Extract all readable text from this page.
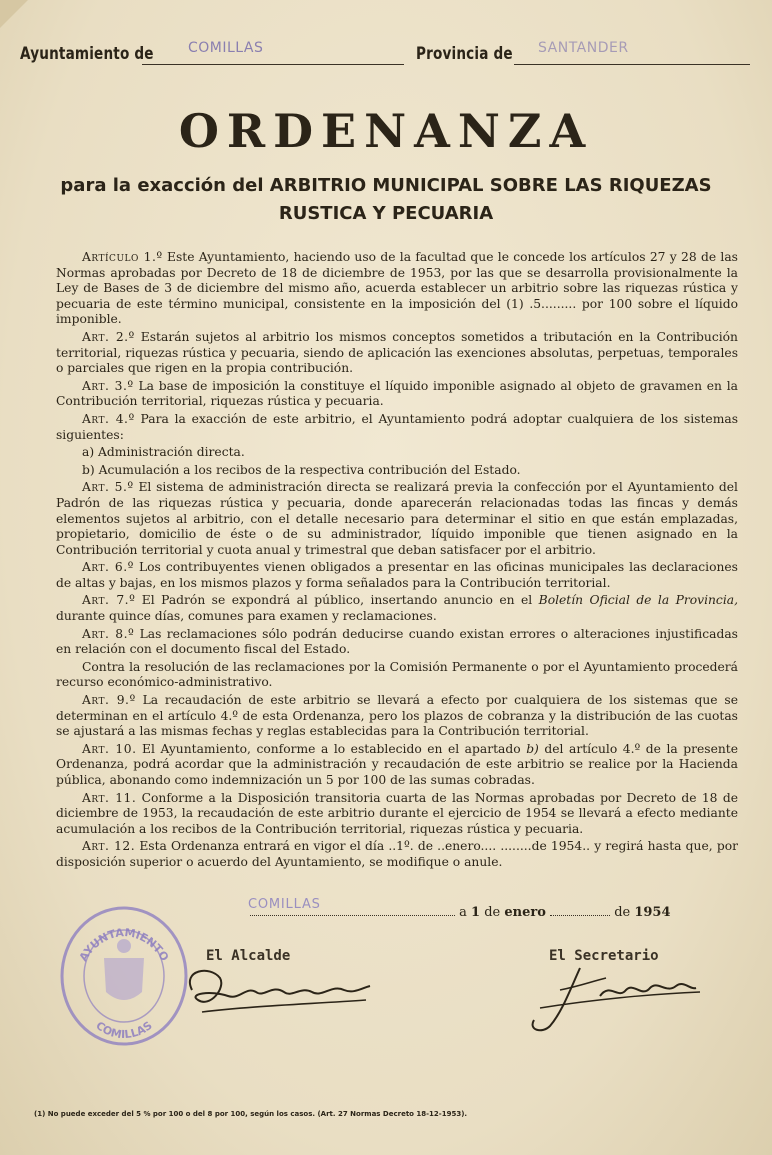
Ayuntamiento de COMILLAS	Provincia de SANTANDER
ORDENANZA
para la exacción del ARBITRIO MUNICIPAL SOBRE LAS RIQUEZAS
RUSTICA Y PECUARIA

Artículo 1.º Este Ayuntamiento, haciendo uso de la facultad que le concede los artículos 27 y 28 de las Normas aprobadas por Decreto de 18 de diciembre de 1953, por las que se desarrolla provisionalmente la Ley de Bases de 3 de diciembre del mismo año, acuerda establecer un arbitrio sobre las riquezas rústica y pecuaria de este término municipal, consistente en la imposición del (1) .5......... por 100 sobre el líquido imponible.

Art. 2.º Estarán sujetos al arbitrio los mismos conceptos sometidos a tributación en la Contribución territorial, riquezas rústica y pecuaria, siendo de aplicación las exenciones absolutas, perpetuas, temporales o parciales que rigen en la propia contribución.

Art. 3.º La base de imposición la constituye el líquido imponible asignado al objeto de gravamen en la Contribución territorial, riquezas rústica y pecuaria.

Art. 4.º Para la exacción de este arbitrio, el Ayuntamiento podrá adoptar cualquiera de los sistemas siguientes:

a) Administración directa.

b) Acumulación a los recibos de la respectiva contribución del Estado.

Art. 5.º El sistema de administración directa se realizará previa la confección por el Ayuntamiento del Padrón de las riquezas rústica y pecuaria, donde aparecerán relacionadas todas las fincas y demás elementos sujetos al arbitrio, con el detalle necesario para determinar el sitio en que están emplazadas, propietario, domicilio de éste o de su administrador, líquido imponible que tienen asignado en la Contribución territorial y cuota anual y trimestral que deban satisfacer por el arbitrio.

Art. 6.º Los contribuyentes vienen obligados a presentar en las oficinas municipales las declaraciones de altas y bajas, en los mismos plazos y forma señalados para la Contribución territorial.

Art. 7.º El Padrón se expondrá al público, insertando anuncio en el Boletín Oficial de la Provincia, durante quince días, comunes para examen y reclamaciones.

Art. 8.º Las reclamaciones sólo podrán deducirse cuando existan errores o alteraciones injustificadas en relación con el documento fiscal del Estado.

Contra la resolución de las reclamaciones por la Comisión Permanente o por el Ayuntamiento procederá recurso económico-administrativo.

Art. 9.º La recaudación de este arbitrio se llevará a efecto por cualquiera de los sistemas que se determinan en el artículo 4.º de esta Ordenanza, pero los plazos de cobranza y la distribución de las cuotas se ajustará a las mismas fechas y reglas establecidas para la Contribución territorial.

Art. 10. El Ayuntamiento, conforme a lo establecido en el apartado b) del artículo 4.º de la presente Ordenanza, podrá acordar que la administración y recaudación de este arbitrio se realice por la Hacienda pública, abonando como indemnización un 5 por 100 de las sumas cobradas.

Art. 11. Conforme a la Disposición transitoria cuarta de las Normas aprobadas por Decreto de 18 de diciembre de 1953, la recaudación de este arbitrio durante el ejercicio de 1954 se llevará a efecto mediante acumulación a los recibos de la Contribución territorial, riquezas rústica y pecuaria.

Art. 12. Esta Ordenanza entrará en vigor el día ..1º. de ..enero.... ........de 1954.. y regirá hasta que, por disposición superior o acuerdo del Ayuntamiento, se modifique o anule.

COMILLAS
a 1 de enero	de 1954
AYUNTAMIENTO
COMILLAS
El Alcalde	El Secretario
(1) No puede exceder del 5 % por 100 o del 8 por 100, según los casos. (Art. 27 Normas Decreto 18-12-1953).
